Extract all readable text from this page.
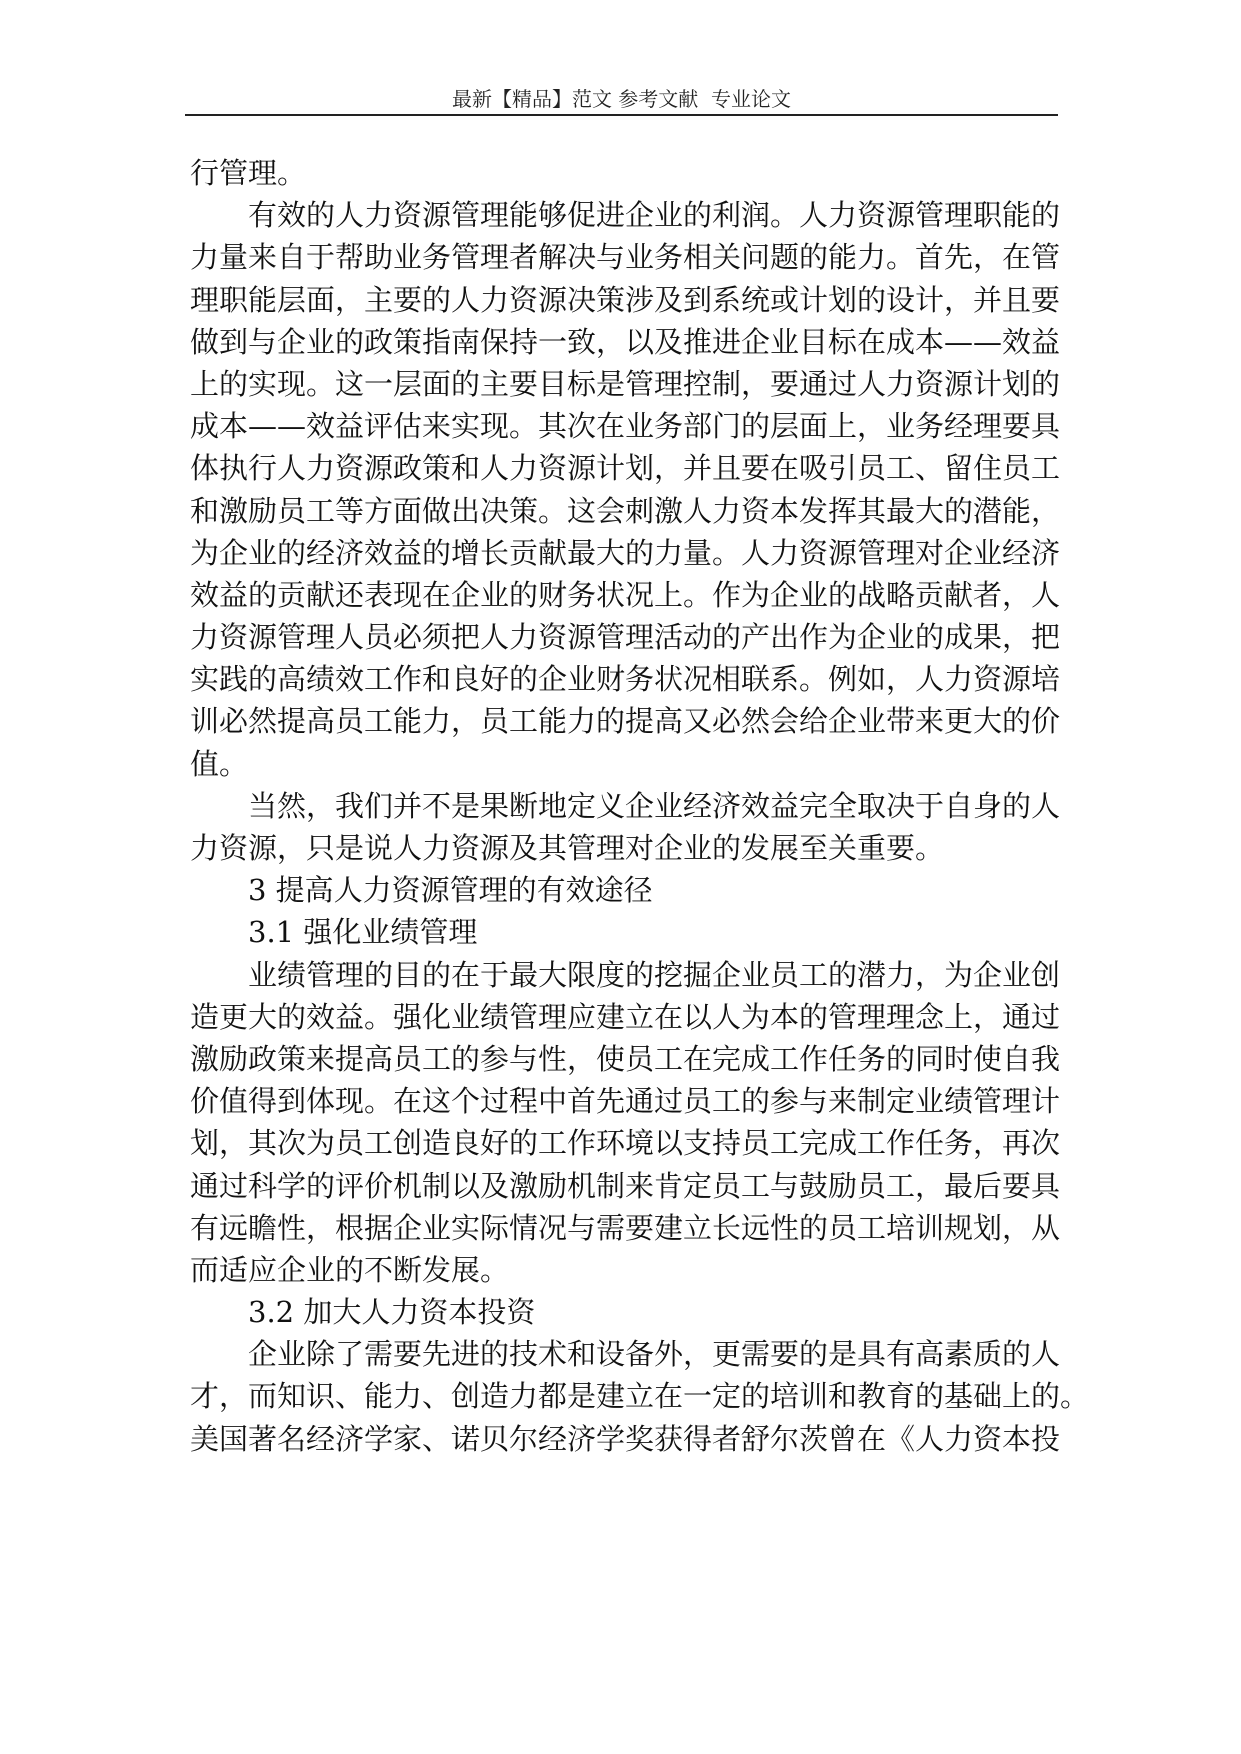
最新【精品】范文 参考文献  专业论文
行管理。
有效的人力资源管理能够促进企业的利润。人力资源管理职能的
力量来自于帮助业务管理者解决与业务相关问题的能力。首先，在管
理职能层面，主要的人力资源决策涉及到系统或计划的设计，并且要
做到与企业的政策指南保持一致，以及推进企业目标在成本——效益
上的实现。这一层面的主要目标是管理控制，要通过人力资源计划的
成本——效益评估来实现。其次在业务部门的层面上，业务经理要具
体执行人力资源政策和人力资源计划，并且要在吸引员工、留住员工
和激励员工等方面做出决策。这会刺激人力资本发挥其最大的潜能，
为企业的经济效益的增长贡献最大的力量。人力资源管理对企业经济
效益的贡献还表现在企业的财务状况上。作为企业的战略贡献者，人
力资源管理人员必须把人力资源管理活动的产出作为企业的成果，把
实践的高绩效工作和良好的企业财务状况相联系。例如，人力资源培
训必然提高员工能力，员工能力的提高又必然会给企业带来更大的价
值。
当然，我们并不是果断地定义企业经济效益完全取决于自身的人
力资源，只是说人力资源及其管理对企业的发展至关重要。
3 提高人力资源管理的有效途径
3.1 强化业绩管理
业绩管理的目的在于最大限度的挖掘企业员工的潜力，为企业创
造更大的效益。强化业绩管理应建立在以人为本的管理理念上，通过
激励政策来提高员工的参与性，使员工在完成工作任务的同时使自我
价值得到体现。在这个过程中首先通过员工的参与来制定业绩管理计
划，其次为员工创造良好的工作环境以支持员工完成工作任务，再次
通过科学的评价机制以及激励机制来肯定员工与鼓励员工，最后要具
有远瞻性，根据企业实际情况与需要建立长远性的员工培训规划，从
而适应企业的不断发展。
3.2 加大人力资本投资
企业除了需要先进的技术和设备外，更需要的是具有高素质的人
才，而知识、能力、创造力都是建立在一定的培训和教育的基础上的。
美国著名经济学家、诺贝尔经济学奖获得者舒尔茨曾在《人力资本投
